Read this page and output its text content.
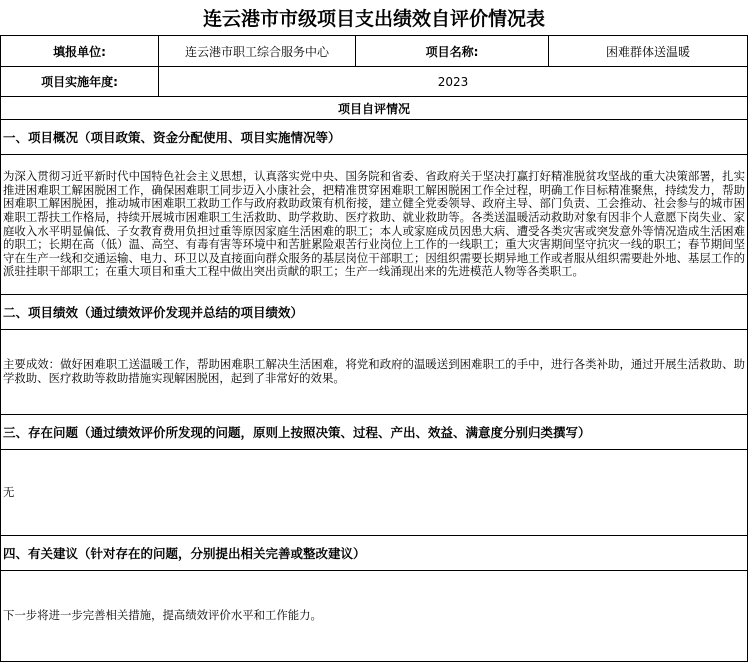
连云港市市级项目支出绩效自评价情况表
填报单位:	连云港市职工综合服务中心	项目名称:	困难群体送温暖
项目实施年度:	2023		
项目自评情况			
一、项目概况（项目政策、资金分配使用、项目实施情况等）			
为深入贯彻习近平新时代中国特色社会主义思想，认真落实党中央、国务院和省委、省政府关于坚决打赢打好精准脱贫攻坚战的重大决策部署，扎实推进困难职工解困脱困工作，确保困难职工同步迈入小康社会，把精准贯穿困难职工解困脱困工作全过程，明确工作目标精准聚焦，持续发力，帮助困难职工解困脱困，推动城市困难职工救助工作与政府救助政策有机衔接，建立健全党委领导、政府主导、部门负责、工会推动、社会参与的城市困难职工帮扶工作格局，持续开展城市困难职工生活救助、助学救助、医疗救助、就业救助等。各类送温暖活动救助对象有因非个人意愿下岗失业、家庭收入水平明显偏低、子女教育费用负担过重等原因家庭生活困难的职工；本人或家庭成员因患大病、遭受各类灾害或突发意外等情况造成生活困难的职工；长期在高（低）温、高空、有毒有害等环境中和苦脏累险艰苦行业岗位上工作的一线职工；重大灾害期间坚守抗灾一线的职工；春节期间坚守在生产一线和交通运输、电力、环卫以及直接面向群众服务的基层岗位干部职工；因组织需要长期异地工作或者服从组织需要赴外地、基层工作的派驻挂职干部职工；在重大项目和重大工程中做出突出贡献的职工；生产一线涌现出来的先进模范人物等各类职工。			
二、项目绩效（通过绩效评价发现并总结的项目绩效）			
主要成效：做好困难职工送温暖工作，帮助困难职工解决生活困难，将党和政府的温暖送到困难职工的手中，进行各类补助，通过开展生活救助、助学救助、医疗救助等救助措施实现解困脱困，起到了非常好的效果。			
三、存在问题（通过绩效评价所发现的问题，原则上按照决策、过程、产出、效益、满意度分别归类撰写）			
无			
四、有关建议（针对存在的问题，分别提出相关完善或整改建议）			
下一步将进一步完善相关措施，提高绩效评价水平和工作能力。			
